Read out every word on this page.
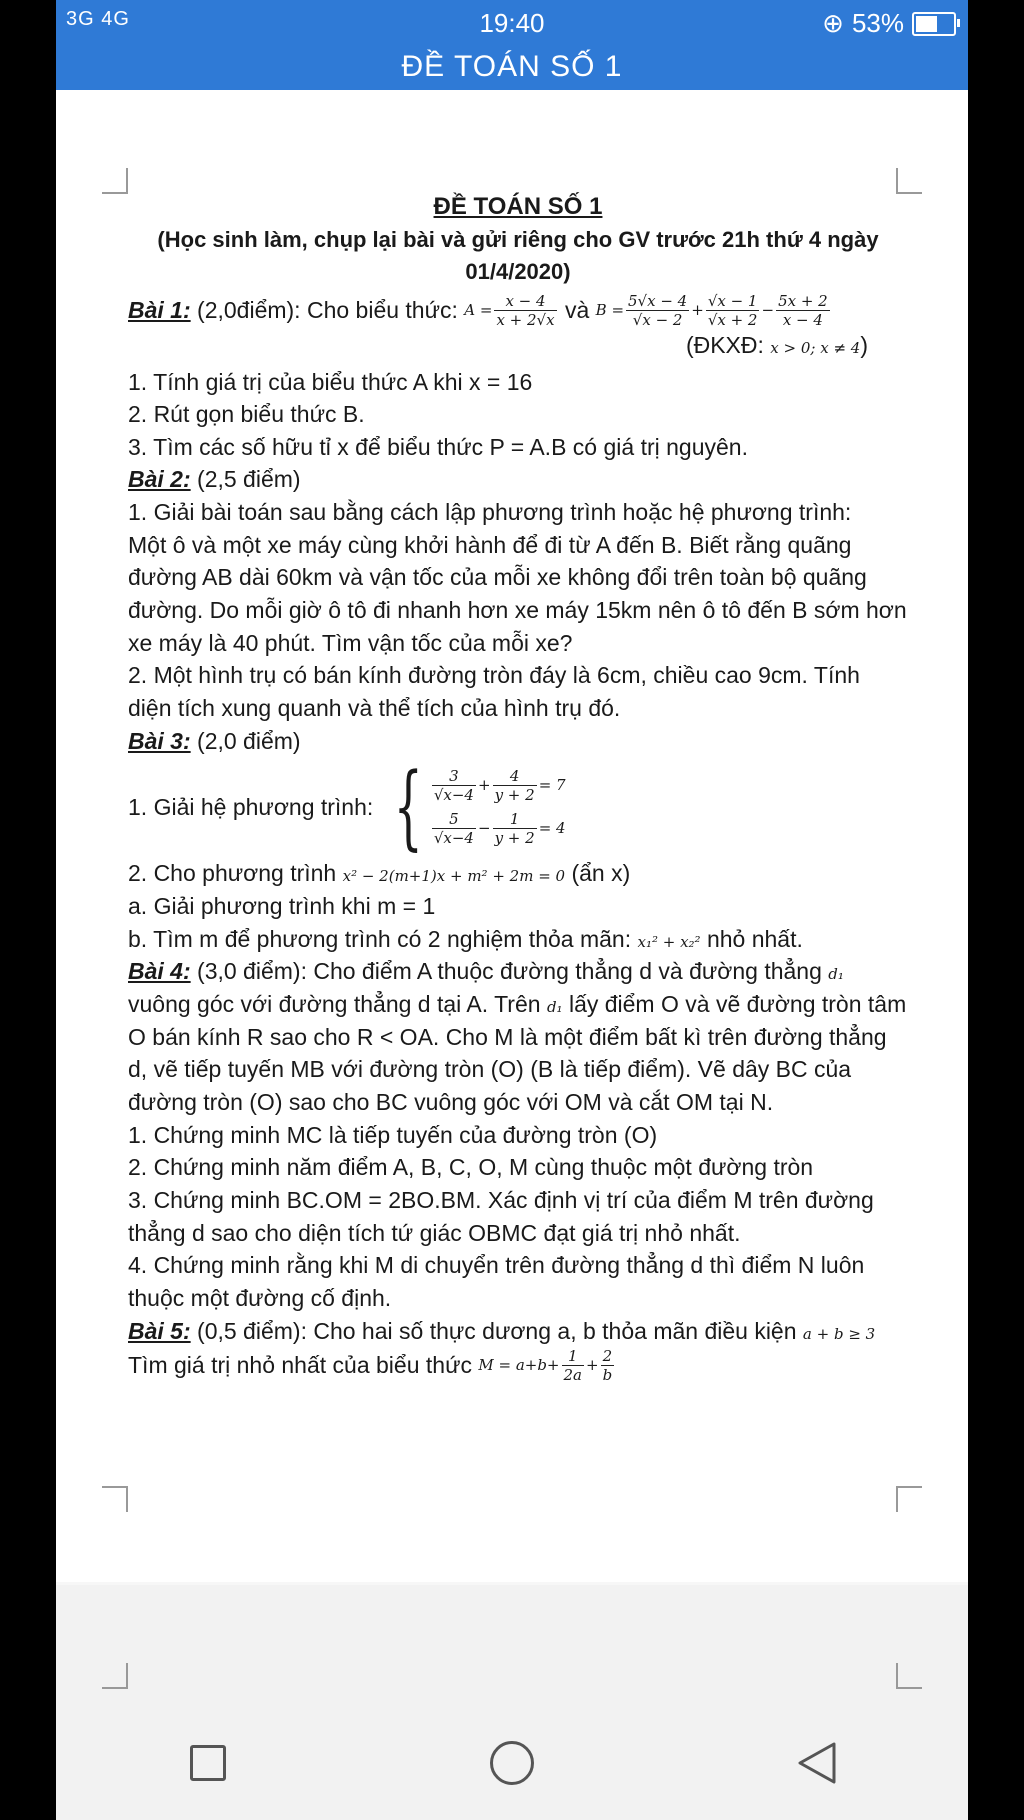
3G 4G	19:40	⊕ 53%
ĐỀ TOÁN SỐ 1

ĐỀ TOÁN SỐ 1

(Học sinh làm, chụp lại bài và gửi riêng cho GV trước 21h thứ 4 ngày 01/4/2020)

Bài 1: (2,0điểm): Cho biểu thức: $A = \frac{x - 4}{x + 2√x}$ và $B = \frac{5√x - 4}{√x - 2} + \frac{√x - 1}{√x + 2} - \frac{5x + 2}{x - 4}$

(ĐKXĐ: x > 0; x ≠ 4)

1. Tính giá trị của biểu thức A khi x = 16

2. Rút gọn biểu thức B.

3. Tìm các số hữu tỉ x để biểu thức P = A.B có giá trị nguyên.

Bài 2: (2,5 điểm)

1. Giải bài toán sau bằng cách lập phương trình hoặc hệ phương trình:

Một ô và một xe máy cùng khởi hành để đi từ A đến B. Biết rằng quãng đường AB dài 60km và vận tốc của mỗi xe không đổi trên toàn bộ quãng đường. Do mỗi giờ ô tô đi nhanh hơn xe máy 15km nên ô tô đến B sớm hơn xe máy là 40 phút. Tìm vận tốc của mỗi xe?

2. Một hình trụ có bán kính đường tròn đáy là 6cm, chiều cao 9cm. Tính diện tích xung quanh và thể tích của hình trụ đó.

Bài 3: (2,0 điểm)

1. Giải hệ phương trình: { $\frac{3}{√x-4} + \frac{4}{y + 2} = 7$
$\frac{5}{√x-4} - \frac{1}{y + 2} = 4$

2. Cho phương trình x² − 2(m+1)x + m² + 2m = 0 (ẩn x)

a. Giải phương trình khi m = 1

b. Tìm m để phương trình có 2 nghiệm thỏa mãn: x₁² + x₂² nhỏ nhất.

Bài 4: (3,0 điểm): Cho điểm A thuộc đường thẳng d và đường thẳng d₁ vuông góc với đường thẳng d tại A. Trên d₁ lấy điểm O và vẽ đường tròn tâm O bán kính R sao cho R < OA. Cho M là một điểm bất kì trên đường thẳng d, vẽ tiếp tuyến MB với đường tròn (O) (B là tiếp điểm). Vẽ dây BC của đường tròn (O) sao cho BC vuông góc với OM và cắt OM tại N.

1. Chứng minh MC là tiếp tuyến của đường tròn (O)

2. Chứng minh năm điểm A, B, C, O, M cùng thuộc một đường tròn

3. Chứng minh BC.OM = 2BO.BM. Xác định vị trí của điểm M trên đường thẳng d sao cho diện tích tứ giác OBMC đạt giá trị nhỏ nhất.

4. Chứng minh rằng khi M di chuyển trên đường thẳng d thì điểm N luôn thuộc một đường cố định.

Bài 5: (0,5 điểm): Cho hai số thực dương a, b thỏa mãn điều kiện a + b ≥ 3

Tìm giá trị nhỏ nhất của biểu thức $M = a+b+ \frac{1}{2a} + \frac{2}{b}$
